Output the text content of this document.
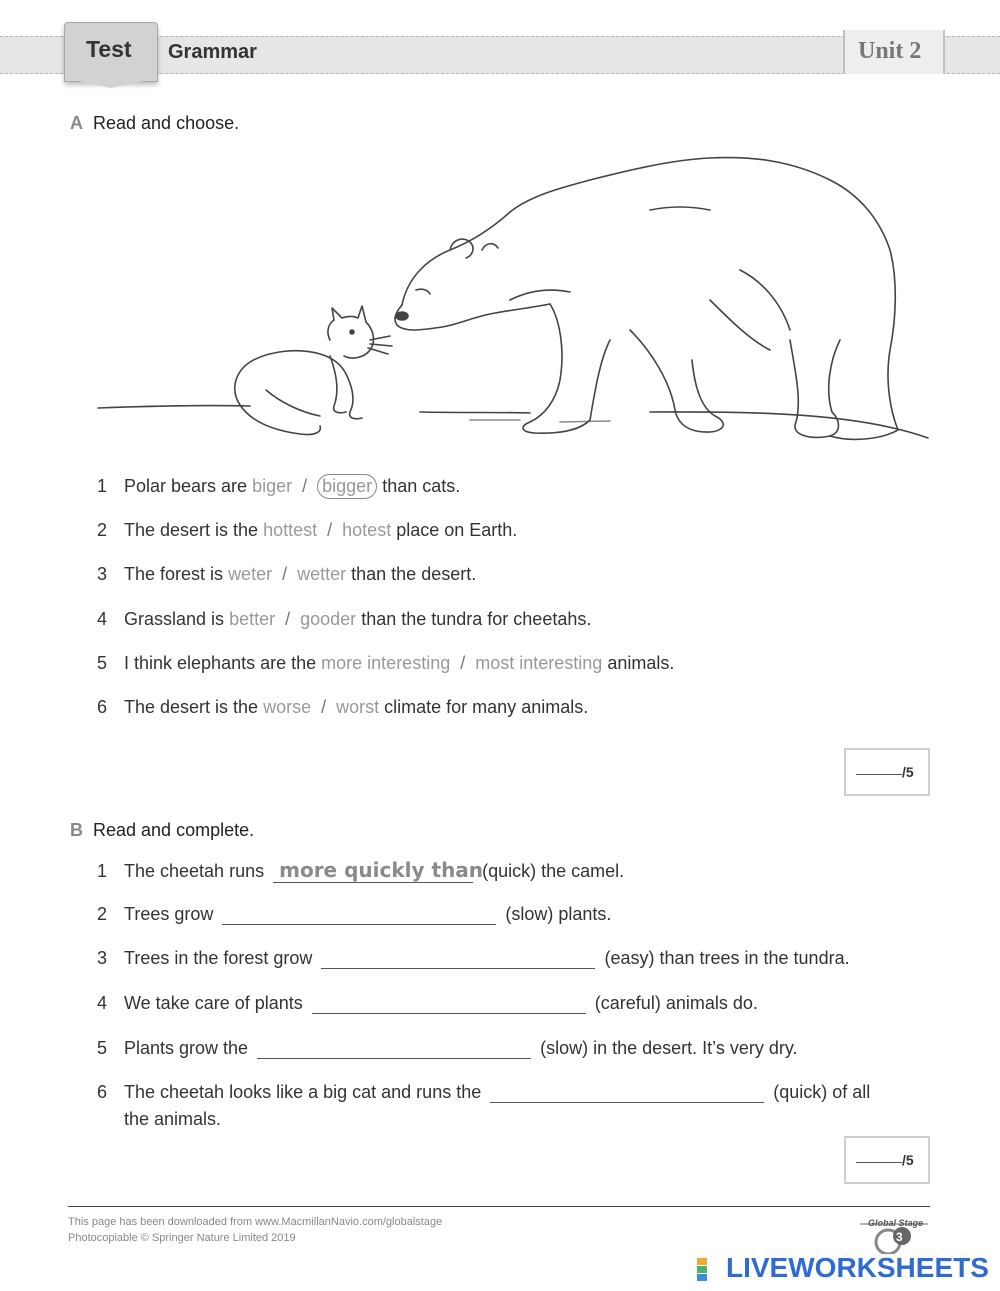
Test Grammar	Unit 2
A Read and choose.
1 Polar bears are biger / bigger than cats.
2 The desert is the hottest / hotest place on Earth.
3 The forest is weter / wetter than the desert.
4 Grassland is better / gooder than the tundra for cheetahs.
5 I think elephants are the more interesting / most interesting animals.
6 The desert is the worse / worst climate for many animals.
/5
B Read and complete.
1 The cheetah runs more quickly than (quick) the camel.
2 Trees grow	(slow) plants.
3 Trees in the forest grow	(easy) than trees in the tundra.
4 We take care of plants	(careful) animals do.
5 Plants grow the	(slow) in the desert. It’s very dry.
6 The cheetah looks like a big cat and runs the	(quick) of all
the animals.
/5
This page has been downloaded from www.MacmillanNavio.com/globalstage
Photocopiable © Springer Nature Limited 2019
Global Stage
3
LIVEWORKSHEETS
